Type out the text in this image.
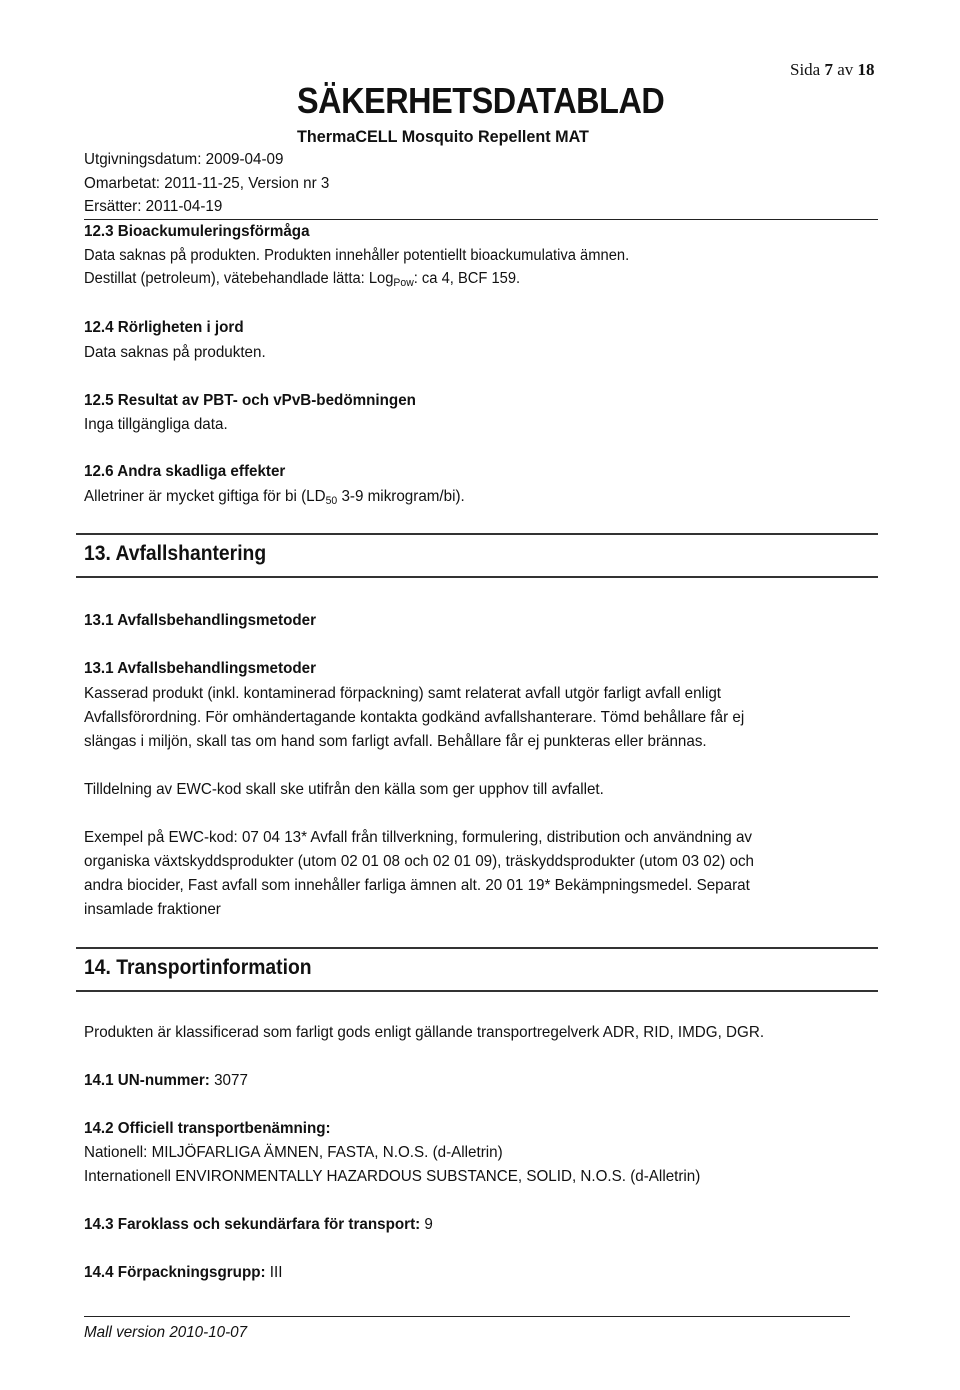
Sida 7 av 18
SÄKERHETSDATABLAD
ThermaCELL Mosquito Repellent MAT
Utgivningsdatum: 2009-04-09
Omarbetat: 2011-11-25, Version nr 3
Ersätter: 2011-04-19
12.3 Bioackumuleringsförmåga
Data saknas på produkten. Produkten innehåller potentiellt bioackumulativa ämnen.
Destillat (petroleum), vätebehandlade lätta: Log$_{Pow}$: ca 4, BCF 159.
12.4 Rörligheten i jord
Data saknas på produkten.
12.5 Resultat av PBT- och vPvB-bedömningen
Inga tillgängliga data.
12.6 Andra skadliga effekter
Alletriner är mycket giftiga för bi ($LD_{50}$ 3-9 mikrogram/bi).
13. Avfallshantering
13.1 Avfallsbehandlingsmetoder
13.1 Avfallsbehandlingsmetoder
Kasserad produkt (inkl. kontaminerad förpackning) samt relaterat avfall utgör farligt avfall enligt
Avfallsförordning. För omhändertagande kontakta godkänd avfallshanterare. Tömd behållare får ej
slängas i miljön, skall tas om hand som farligt avfall. Behållare får ej punkteras eller brännas.
Tilldelning av EWC-kod skall ske utifrån den källa som ger upphov till avfallet.
Exempel på EWC-kod: 07 04 13* Avfall från tillverkning, formulering, distribution och användning av
organiska växtskyddsprodukter (utom 02 01 08 och 02 01 09), träskyddsprodukter (utom 03 02) och
andra biocider, Fast avfall som innehåller farliga ämnen alt. 20 01 19* Bekämpningsmedel. Separat
insamlade fraktioner
14. Transportinformation
Produkten är klassificerad som farligt gods enligt gällande transportregelverk ADR, RID, IMDG, DGR.
14.1 UN-nummer: 3077
14.2 Officiell transportbenämning:
Nationell: MILJÖFARLIGA ÄMNEN, FASTA, N.O.S. (d-Alletrin)
Internationell ENVIRONMENTALLY HAZARDOUS SUBSTANCE, SOLID, N.O.S. (d-Alletrin)
14.3 Faroklass och sekundärfara för transport: 9
14.4 Förpackningsgrupp: III
Mall version 2010-10-07
